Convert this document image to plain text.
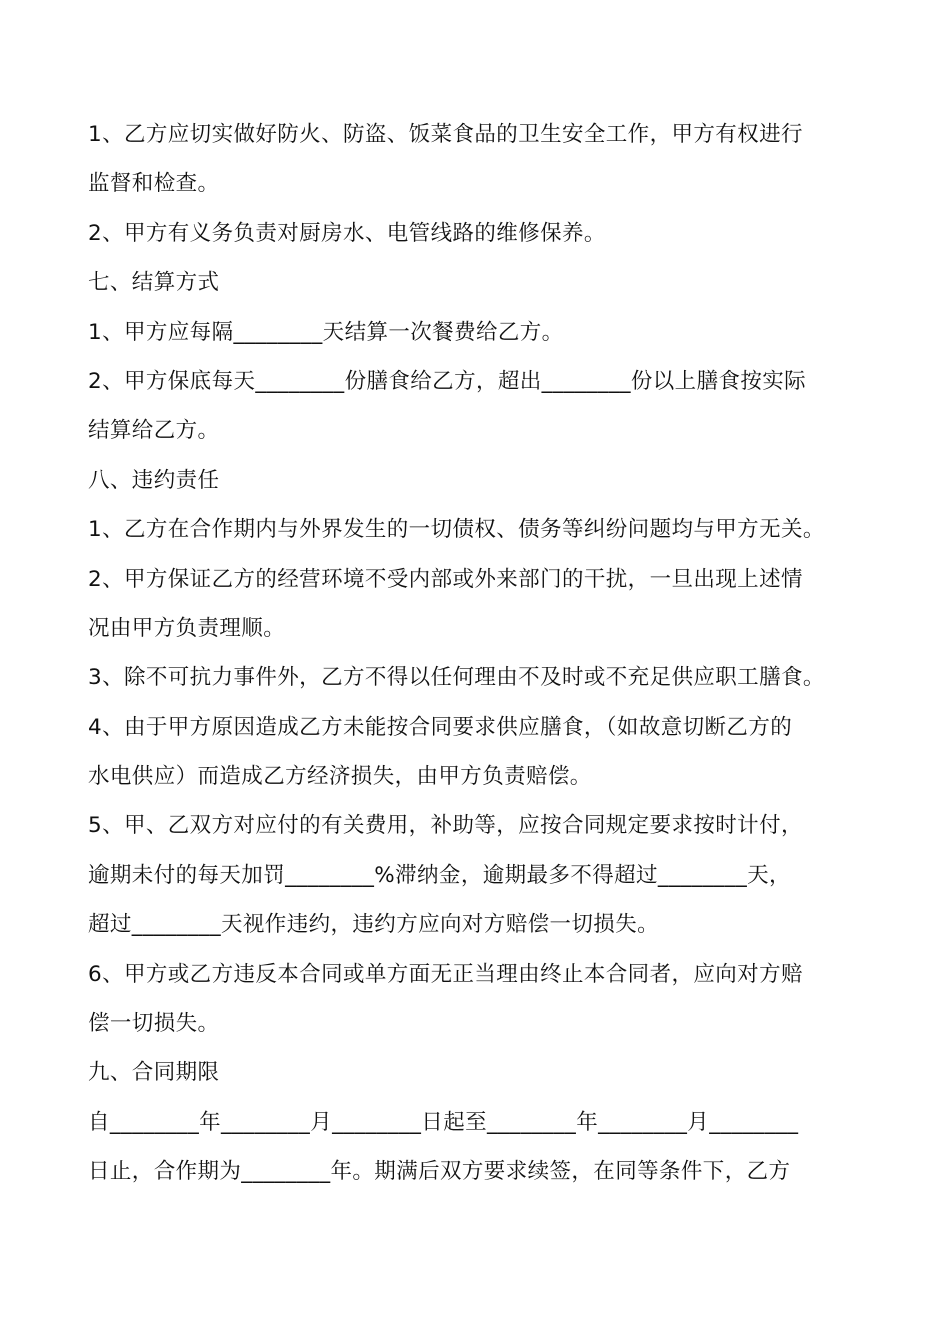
1、乙方应切实做好防火、防盗、饭菜食品的卫生安全工作，甲方有权进行
监督和检查。
2、甲方有义务负责对厨房水、电管线路的维修保养。
七、结算方式
1、甲方应每隔________天结算一次餐费给乙方。
2、甲方保底每天________份膳食给乙方，超出________份以上膳食按实际
结算给乙方。
八、违约责任
1、乙方在合作期内与外界发生的一切债权、债务等纠纷问题均与甲方无关。
2、甲方保证乙方的经营环境不受内部或外来部门的干扰，一旦出现上述情
况由甲方负责理顺。
3、除不可抗力事件外，乙方不得以任何理由不及时或不充足供应职工膳食。
4、由于甲方原因造成乙方未能按合同要求供应膳食，（如故意切断乙方的
水电供应）而造成乙方经济损失，由甲方负责赔偿。
5、甲、乙双方对应付的有关费用，补助等，应按合同规定要求按时计付，
逾期未付的每天加罚________%滞纳金，逾期最多不得超过________天，
超过________天视作违约，违约方应向对方赔偿一切损失。
6、甲方或乙方违反本合同或单方面无正当理由终止本合同者，应向对方赔
偿一切损失。
九、合同期限
自________年________月________日起至________年________月________
日止，合作期为________年。期满后双方要求续签，在同等条件下，乙方
